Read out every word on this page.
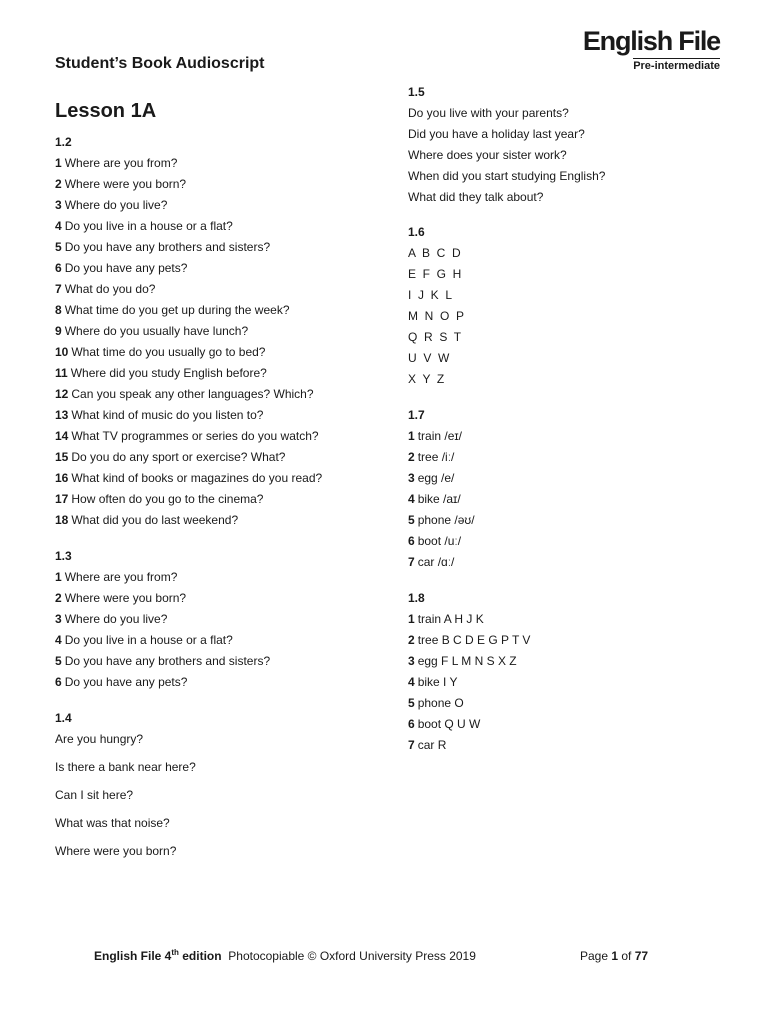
English File
Pre-intermediate
Student’s Book Audioscript
Lesson 1A
1.2
1 Where are you from?
2 Where were you born?
3 Where do you live?
4 Do you live in a house or a flat?
5 Do you have any brothers and sisters?
6 Do you have any pets?
7 What do you do?
8 What time do you get up during the week?
9 Where do you usually have lunch?
10 What time do you usually go to bed?
11 Where did you study English before?
12 Can you speak any other languages? Which?
13 What kind of music do you listen to?
14 What TV programmes or series do you watch?
15 Do you do any sport or exercise? What?
16 What kind of books or magazines do you read?
17 How often do you go to the cinema?
18 What did you do last weekend?
1.3
1 Where are you from?
2 Where were you born?
3 Where do you live?
4 Do you live in a house or a flat?
5 Do you have any brothers and sisters?
6 Do you have any pets?
1.4
Are you hungry?
Is there a bank near here?
Can I sit here?
What was that noise?
Where were you born?
1.5
Do you live with your parents?
Did you have a holiday last year?
Where does your sister work?
When did you start studying English?
What did they talk about?
1.6
A  B  C  D
E  F  G  H
I  J  K  L
M  N  O  P
Q  R  S  T
U  V  W
X  Y  Z
1.7
1 train /eɪ/
2 tree /iː/
3 egg /e/
4 bike /aɪ/
5 phone /əʊ/
6 boot /uː/
7 car /ɑː/
1.8
1 train A H J K
2 tree B C D E G P T V
3 egg F L M N S X Z
4 bike I Y
5 phone O
6 boot Q U W
7 car R
English File 4th edition Photocopiable © Oxford University Press 2019	Page 1 of 77
